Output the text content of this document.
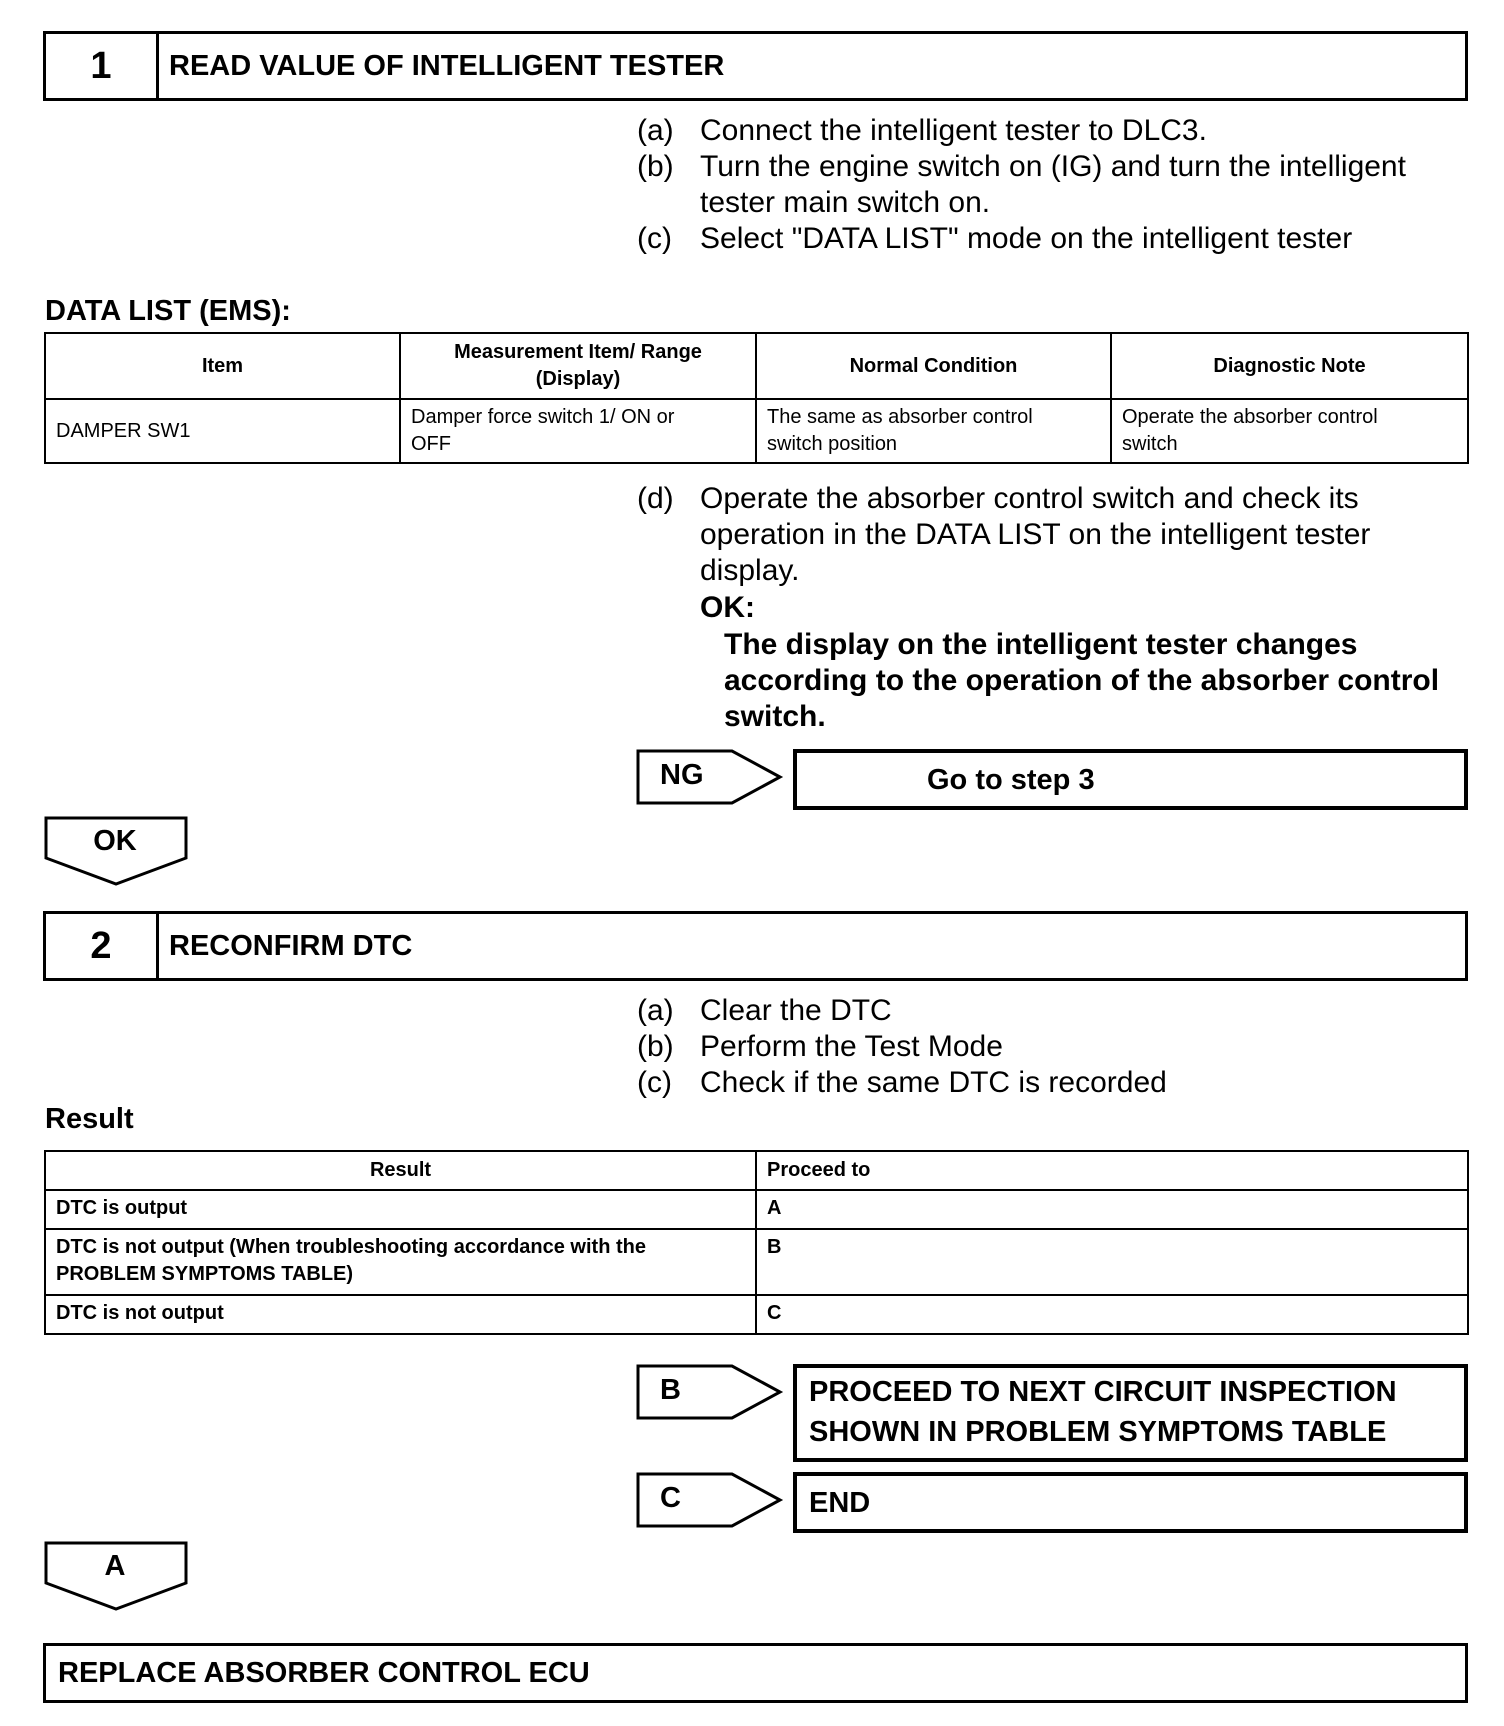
1	READ VALUE OF INTELLIGENT TESTER
(a) Connect the intelligent tester to DLC3.
(b) Turn the engine switch on (IG) and turn the intelligent tester main switch on.
(c) Select "DATA LIST" mode on the intelligent tester
DATA LIST (EMS):
Item	Measurement Item/ Range (Display)	Normal Condition	Diagnostic Note
DAMPER SW1	Damper force switch 1/ ON or OFF	The same as absorber control switch position	Operate the absorber control switch
(d) Operate the absorber control switch and check its operation in the DATA LIST on the intelligent tester display.
OK:
The display on the intelligent tester changes according to the operation of the absorber control switch.
NG	Go to step 3
OK
2	RECONFIRM DTC
(a) Clear the DTC
(b) Perform the Test Mode
(c) Check if the same DTC is recorded
Result
Result	Proceed to
DTC is output	A
DTC is not output (When troubleshooting accordance with the PROBLEM SYMPTOMS TABLE)	B
DTC is not output	C
B	PROCEED TO NEXT CIRCUIT INSPECTION
SHOWN IN PROBLEM SYMPTOMS TABLE
C	END
A
REPLACE ABSORBER CONTROL ECU
